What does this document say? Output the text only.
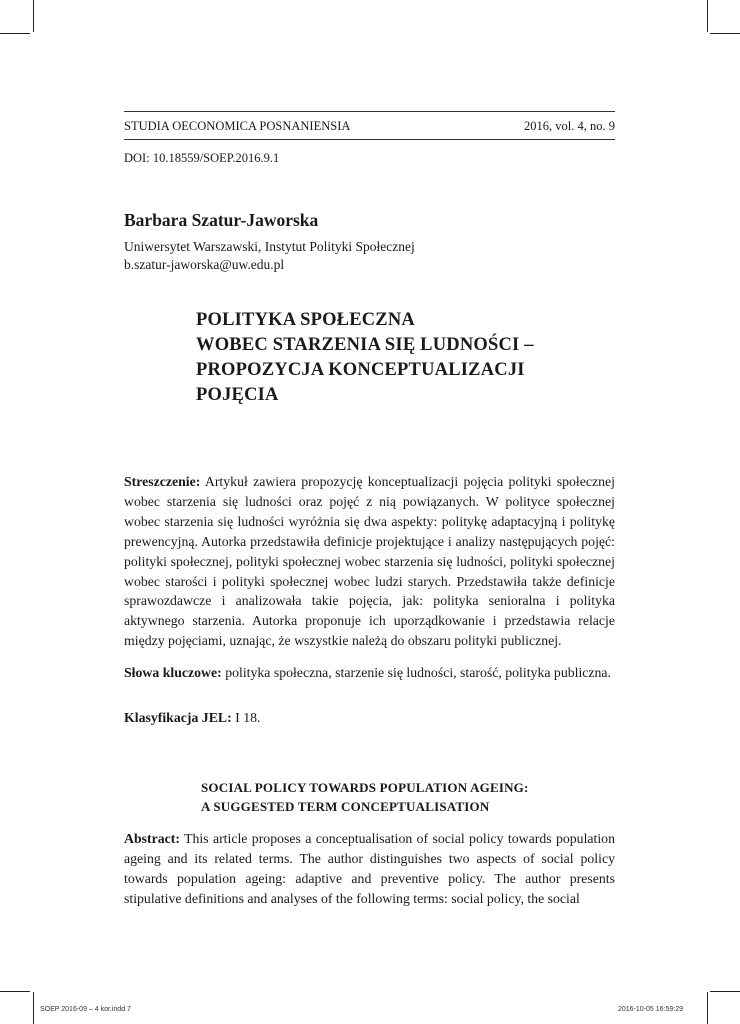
STUDIA OECONOMICA POSNANIENSIA	2016, vol. 4, no. 9
DOI: 10.18559/SOEP.2016.9.1
Barbara Szatur-Jaworska
Uniwersytet Warszawski, Instytut Polityki Społecznej
b.szatur-jaworska@uw.edu.pl
POLITYKA SPOŁECZNA
WOBEC STARZENIA SIĘ LUDNOŚCI –
PROPOZYCJA KONCEPTUALIZACJI
POJĘCIA
Streszczenie: Artykuł zawiera propozycję konceptualizacji pojęcia polityki społecznej wobec starzenia się ludności oraz pojęć z nią powiązanych. W polityce społecznej wobec starzenia się ludności wyróżnia się dwa aspekty: politykę adaptacyjną i politykę prewencyjną. Autorka przedstawiła definicje projektujące i analizy następujących pojęć: polityki społecznej, polityki społecznej wobec starzenia się ludności, polityki społecznej wobec starości i polityki społecznej wobec ludzi starych. Przedstawiła także definicje sprawozdawcze i analizowała takie pojęcia, jak: polityka senioralna i polityka aktywnego starzenia. Autorka proponuje ich uporządkowanie i przedstawia relacje między pojęciami, uznając, że wszystkie należą do obszaru polityki publicznej.
Słowa kluczowe: polityka społeczna, starzenie się ludności, starość, polityka publiczna.
Klasyfikacja JEL: I 18.
SOCIAL POLICY TOWARDS POPULATION AGEING:
A SUGGESTED TERM CONCEPTUALISATION
Abstract: This article proposes a conceptualisation of social policy towards population ageing and its related terms. The author distinguishes two aspects of social policy towards population ageing: adaptive and preventive policy. The author presents stipulative definitions and analyses of the following terms: social policy, the social
SOEP 2016-09 – 4 kor.indd 7	2016-10-05 16:59:29
